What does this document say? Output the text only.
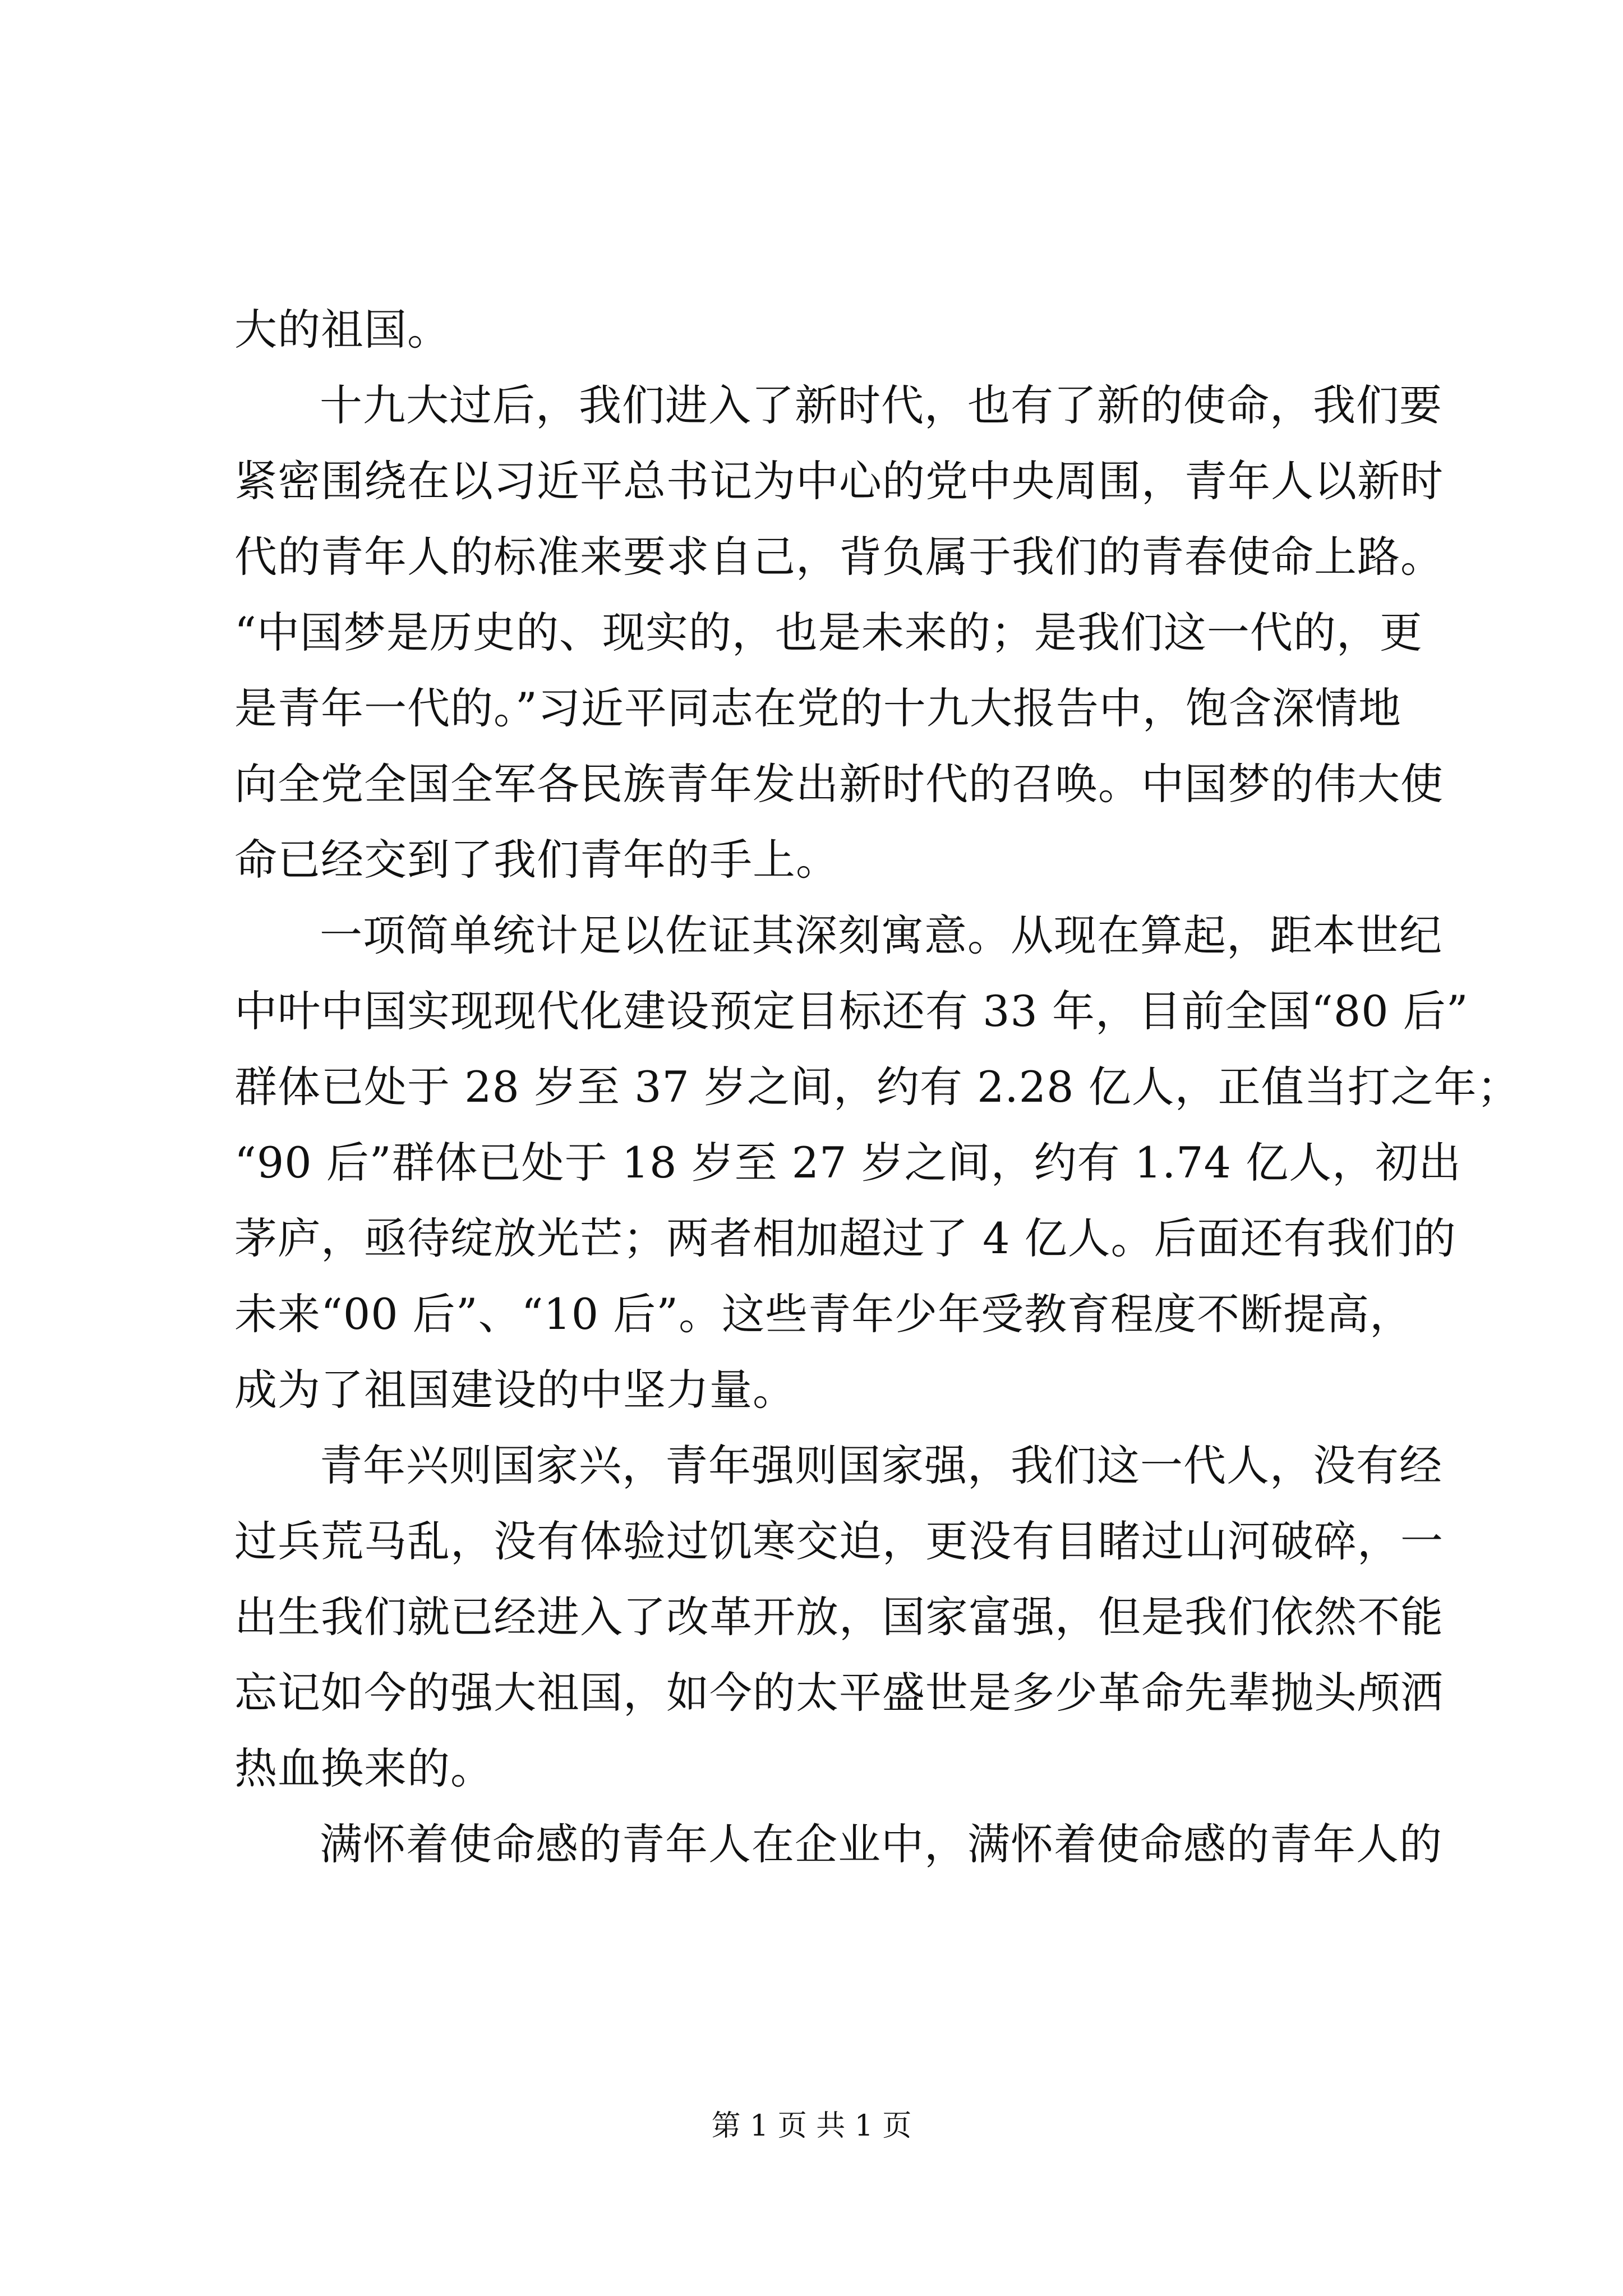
大的祖国。
十九大过后，我们进入了新时代，也有了新的使命，我们要
紧密围绕在以习近平总书记为中心的党中央周围，青年人以新时
代的青年人的标准来要求自己，背负属于我们的青春使命上路。
“中国梦是历史的、现实的，也是未来的；是我们这一代的，更
是青年一代的。”习近平同志在党的十九大报告中，饱含深情地
向全党全国全军各民族青年发出新时代的召唤。中国梦的伟大使
命已经交到了我们青年的手上。
一项简单统计足以佐证其深刻寓意。从现在算起，距本世纪
中叶中国实现现代化建设预定目标还有 33 年，目前全国“80 后”
群体已处于 28 岁至 37 岁之间，约有 2.28 亿人，正值当打之年；
“90 后”群体已处于 18 岁至 27 岁之间，约有 1.74 亿人，初出
茅庐，亟待绽放光芒；两者相加超过了 4 亿人。后面还有我们的
未来“00 后”、“10 后”。这些青年少年受教育程度不断提高，
成为了祖国建设的中坚力量。
青年兴则国家兴，青年强则国家强，我们这一代人，没有经
过兵荒马乱，没有体验过饥寒交迫，更没有目睹过山河破碎，一
出生我们就已经进入了改革开放，国家富强，但是我们依然不能
忘记如今的强大祖国，如今的太平盛世是多少革命先辈抛头颅洒
热血换来的。
满怀着使命感的青年人在企业中，满怀着使命感的青年人的
第 1 页 共 1 页
